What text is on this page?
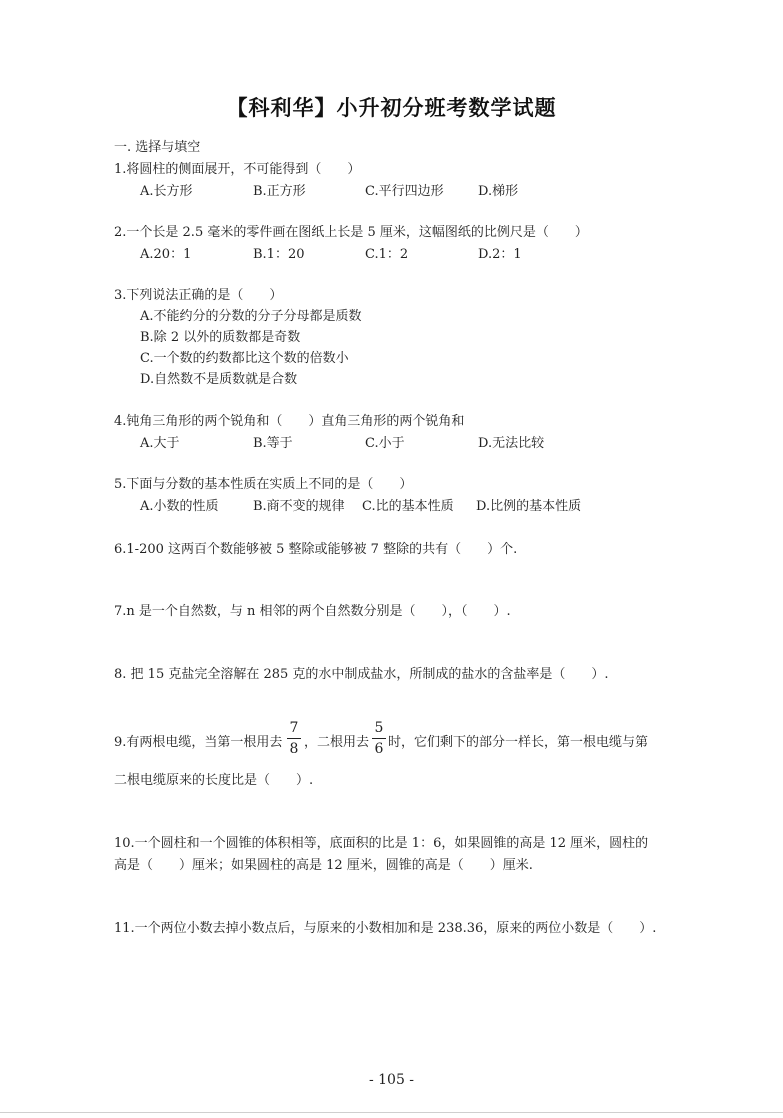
【科利华】小升初分班考数学试题
一. 选择与填空
1.将圆柱的侧面展开，不可能得到（　　）
A.长方形	B.正方形	C.平行四边形	D.梯形
2.一个长是 2.5 毫米的零件画在图纸上长是 5 厘米，这幅图纸的比例尺是（　　）
A.20：1	B.1：20	C.1：2	D.2：1
3.下列说法正确的是（　　）
A.不能约分的分数的分子分母都是质数
B.除 2 以外的质数都是奇数
C.一个数的约数都比这个数的倍数小
D.自然数不是质数就是合数
4.钝角三角形的两个锐角和（　　）直角三角形的两个锐角和
A.大于	B.等于	C.小于	D.无法比较
5.下面与分数的基本性质在实质上不同的是（　　）
A.小数的性质	B.商不变的规律 C.比的基本性质 D.比例的基本性质
6.1-200 这两百个数能够被 5 整除或能够被 7 整除的共有（　　）个.
7.n 是一个自然数，与 n 相邻的两个自然数分别是（　　），（　　）.
8. 把 15 克盐完全溶解在 285 克的水中制成盐水，所制成的盐水的含盐率是（　　）.
9.有两根电缆，当第一根用去
7
8 ，二根用去
5
6 时，它们剩下的部分一样长，第一根电缆与第
二根电缆原来的长度比是（　　）.
10.一个圆柱和一个圆锥的体积相等，底面积的比是 1：6，如果圆锥的高是 12 厘米，圆柱的
高是（　　）厘米；如果圆柱的高是 12 厘米，圆锥的高是（　　）厘米.
11.一个两位小数去掉小数点后，与原来的小数相加和是 238.36，原来的两位小数是（　　）.
- 105 -
